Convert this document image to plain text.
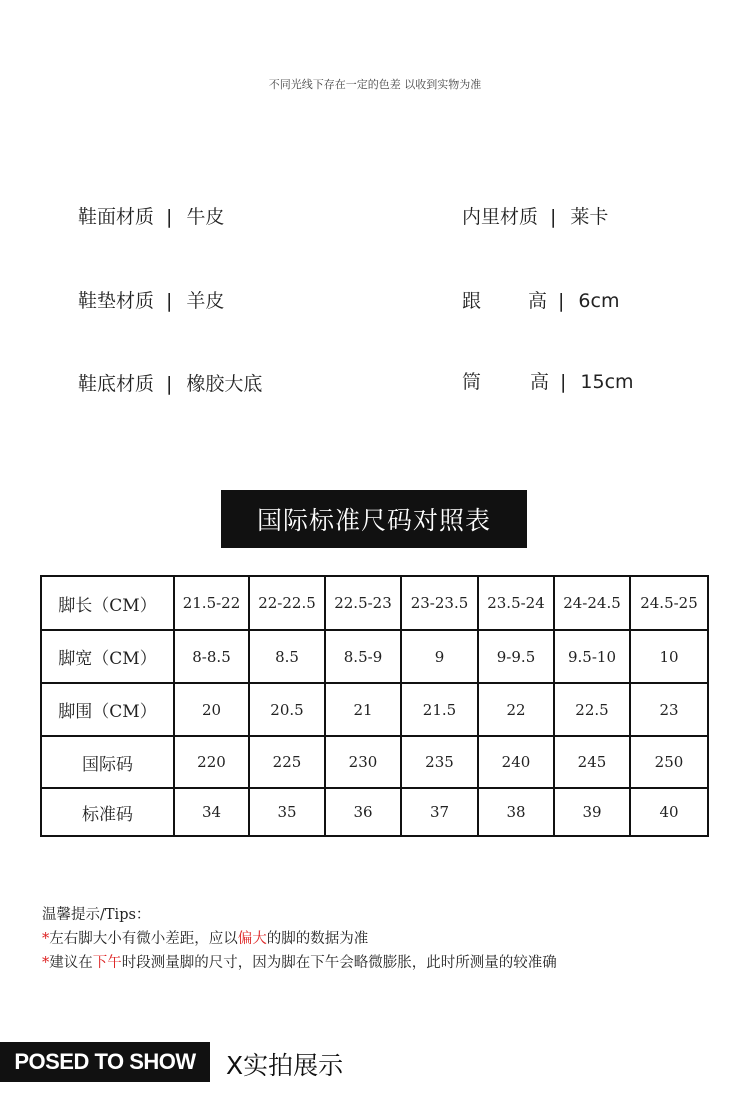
不同光线下存在一定的色差 以收到实物为准
鞋面材质 | 牛皮
鞋垫材质 | 羊皮
鞋底材质 | 橡胶大底
内里材质 | 莱卡
跟 高 | 6cm
筒	高 | 15cm
国际标准尺码对照表
脚长（CM）	21.5-22	22-22.5	22.5-23	23-23.5	23.5-24	24-24.5	24.5-25
脚宽（CM）	8-8.5	8.5	8.5-9	9	9-9.5	9.5-10	10
脚围（CM）	20	20.5	21	21.5	22	22.5	23
国际码	220	225	230	235	240	245	250
标准码	34	35	36	37	38	39	40
温馨提示/Tips：
*左右脚大小有微小差距，应以偏大的脚的数据为准
*建议在下午时段测量脚的尺寸，因为脚在下午会略微膨胀，此时所测量的较准确
POSED TO SHOW	X实拍展示
